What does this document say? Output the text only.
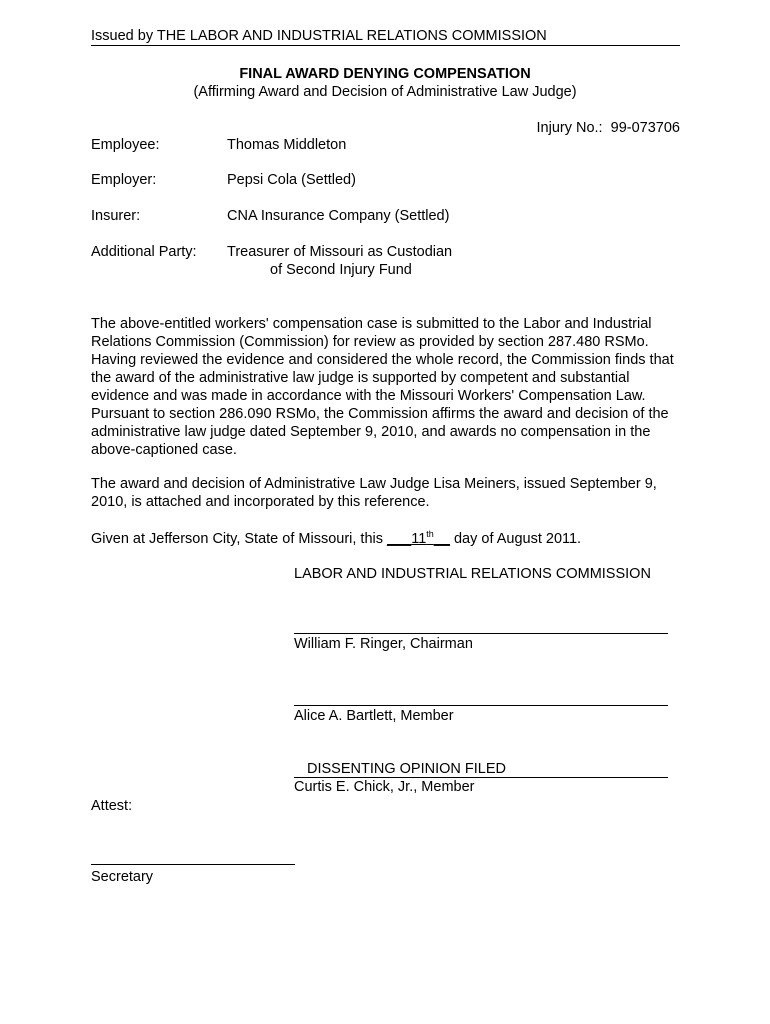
Issued by THE LABOR AND INDUSTRIAL RELATIONS COMMISSION
FINAL AWARD DENYING COMPENSATION
(Affirming Award and Decision of Administrative Law Judge)
Injury No.: 99-073706
Employee:	Thomas Middleton
Employer:	Pepsi Cola (Settled)
Insurer:	CNA Insurance Company (Settled)
Additional Party: Treasurer of Missouri as Custodian
of Second Injury Fund
The above-entitled workers' compensation case is submitted to the Labor and Industrial Relations Commission (Commission) for review as provided by section 287.480 RSMo. Having reviewed the evidence and considered the whole record, the Commission finds that the award of the administrative law judge is supported by competent and substantial evidence and was made in accordance with the Missouri Workers' Compensation Law. Pursuant to section 286.090 RSMo, the Commission affirms the award and decision of the administrative law judge dated September 9, 2010, and awards no compensation in the above-captioned case.
The award and decision of Administrative Law Judge Lisa Meiners, issued September 9, 2010, is attached and incorporated by this reference.
Given at Jefferson City, State of Missouri, this ___11th__ day of August 2011.
LABOR AND INDUSTRIAL RELATIONS COMMISSION
William F. Ringer, Chairman
Alice A. Bartlett, Member
DISSENTING OPINION FILED
Curtis E. Chick, Jr., Member
Attest:
Secretary
